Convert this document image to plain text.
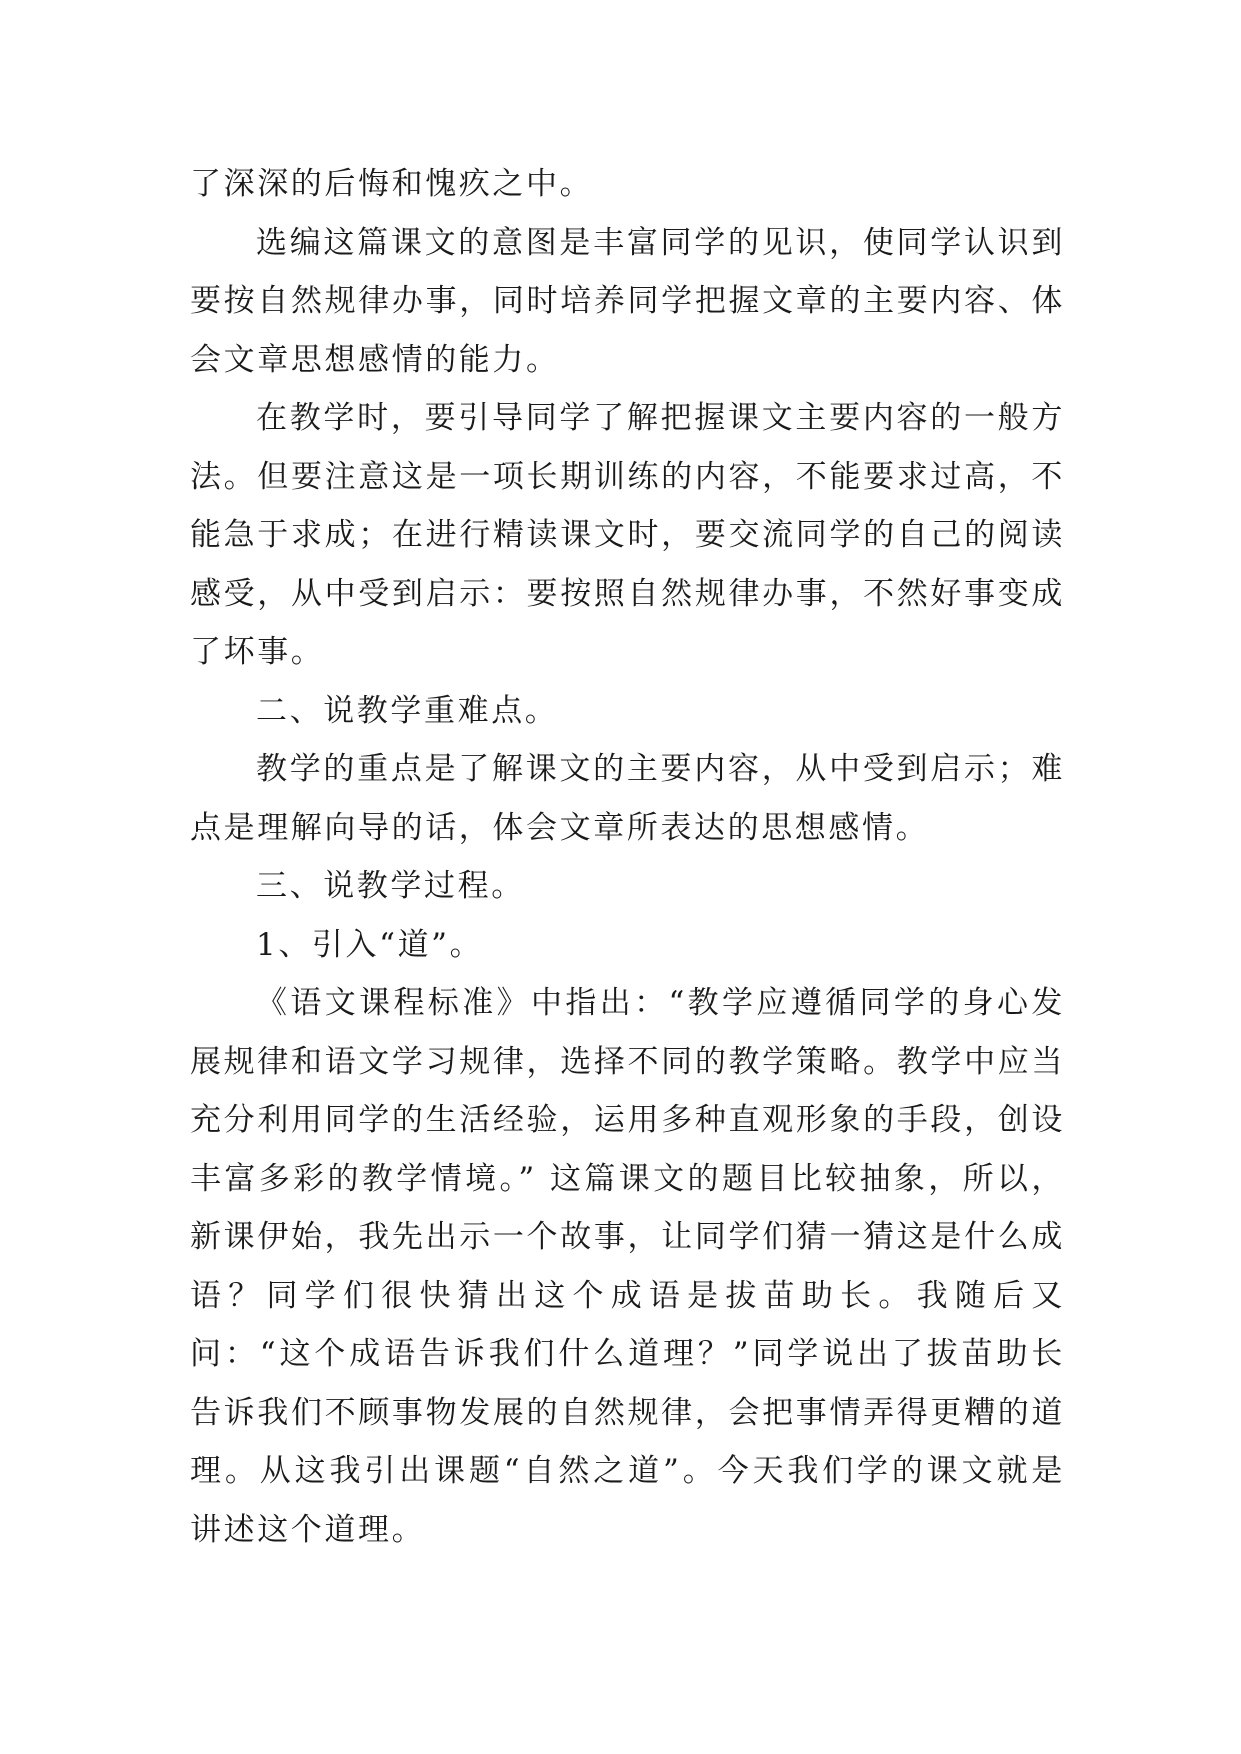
了深深的后悔和愧疚之中。

选编这篇课文的意图是丰富同学的见识，使同学认识到要按自然规律办事，同时培养同学把握文章的主要内容、体会文章思想感情的能力。

在教学时，要引导同学了解把握课文主要内容的一般方法。但要注意这是一项长期训练的内容，不能要求过高，不能急于求成；在进行精读课文时，要交流同学的自己的阅读感受，从中受到启示：要按照自然规律办事，不然好事变成了坏事。

二、说教学重难点。

教学的重点是了解课文的主要内容，从中受到启示；难点是理解向导的话，体会文章所表达的思想感情。

三、说教学过程。

1、引入“道”。

《语文课程标准》中指出：“教学应遵循同学的身心发展规律和语文学习规律，选择不同的教学策略。教学中应当充分利用同学的生活经验，运用多种直观形象的手段，创设丰富多彩的教学情境。” 这篇课文的题目比较抽象，所以，新课伊始，我先出示一个故事，让同学们猜一猜这是什么成语？同学们很快猜出这个成语是拔苗助长。我随后又问：“这个成语告诉我们什么道理？”同学说出了拔苗助长告诉我们不顾事物发展的自然规律，会把事情弄得更糟的道理。从这我引出课题“自然之道”。今天我们学的课文就是讲述这个道理。
